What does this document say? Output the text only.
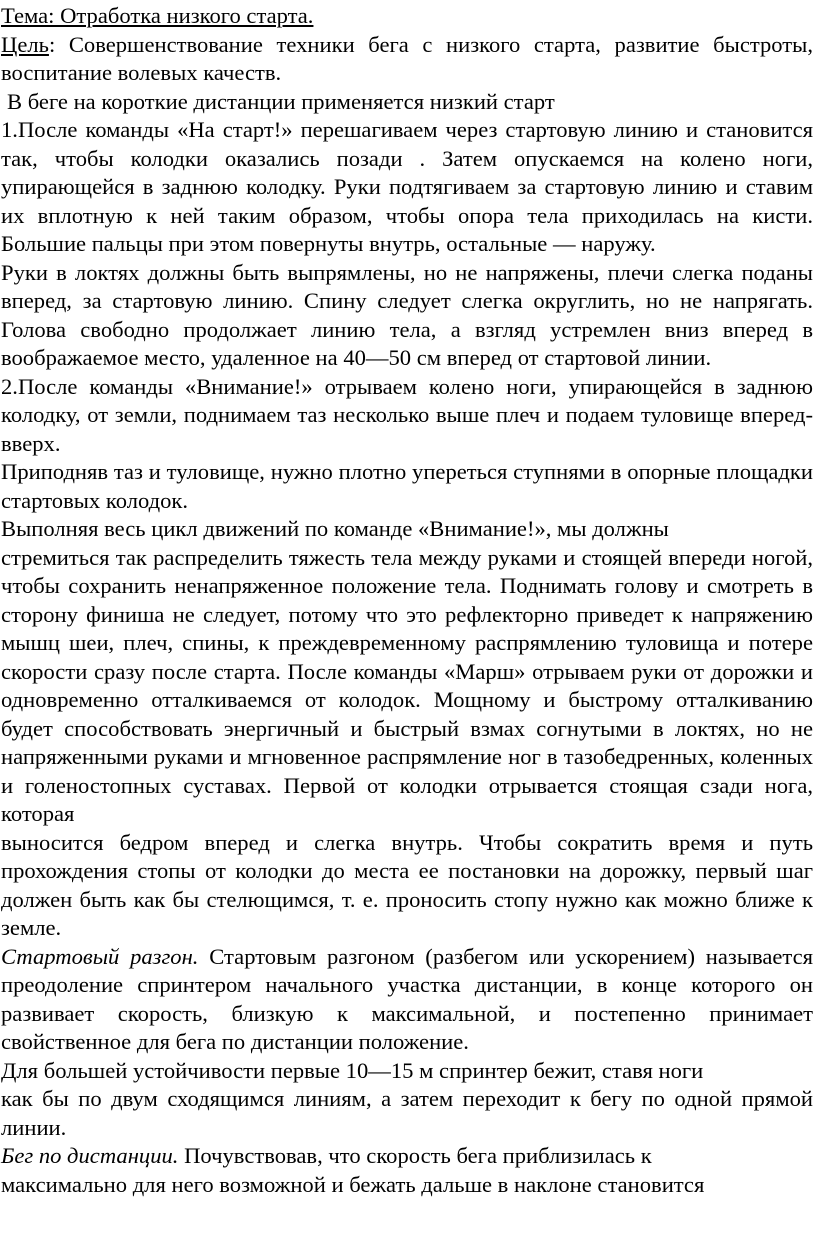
Тема: Отработка низкого старта.

Цель: Совершенствование техники бега с низкого старта, развитие быстроты, воспитание волевых качеств.

В беге на короткие дистанции применяется низкий старт

1.После команды «На старт!» перешагиваем через стартовую линию и становится так, чтобы колодки оказались позади . Затем опускаемся на колено ноги, упирающейся в заднюю колодку. Руки подтягиваем за стартовую линию и ставим их вплотную к ней таким образом, чтобы опора тела приходилась на кисти. Большие пальцы при этом повернуты внутрь, остальные — наружу.

Руки в локтях должны быть выпрямлены, но не напряжены, плечи слегка поданы вперед, за стартовую линию. Спину следует слегка округлить, но не напрягать. Голова свободно продолжает линию тела, а взгляд устремлен вниз вперед в воображаемое место, удаленное на 40—50 см вперед от стартовой линии.

2.После команды «Внимание!» отрываем колено ноги, упирающейся в заднюю колодку, от земли, поднимаем таз несколько выше плеч и подаем туловище вперед-вверх.

Приподняв таз и туловище, нужно плотно упереться ступнями в опорные площадки стартовых колодок.

Выполняя весь цикл движений по команде «Внимание!», мы должны

стремиться так распределить тяжесть тела между руками и стоящей впереди ногой, чтобы сохранить ненапряженное положение тела. Поднимать голову и смотреть в сторону финиша не следует, потому что это рефлекторно приведет к напряжению мышц шеи, плеч, спины, к преждевременному распрямлению туловища и потере скорости сразу после старта. После команды «Марш» отрываем руки от дорожки и одновременно отталкиваемся от колодок. Мощному и быстрому отталкиванию будет способствовать энергичный и быстрый взмах согнутыми в локтях, но не напряженными руками и мгновенное распрямление ног в тазобедренных, коленных и голеностопных суставах. Первой от колодки отрывается стоящая сзади нога, которая

выносится бедром вперед и слегка внутрь. Чтобы сократить время и путь прохождения стопы от колодки до места ее постановки на дорожку, первый шаг должен быть как бы стелющимся, т. е. проносить стопу нужно как можно ближе к земле.

Стартовый разгон. Стартовым разгоном (разбегом или ускорением) называется преодоление спринтером начального участка дистанции, в конце которого он развивает скорость, близкую к максимальной, и постепенно принимает свойственное для бега по дистанции положение.

Для большей устойчивости первые 10—15 м спринтер бежит, ставя ноги

как бы по двум сходящимся линиям, а затем переходит к бегу по одной прямой линии.

Бег по дистанции. Почувствовав, что скорость бега приблизилась к

максимально для него возможной и бежать дальше в наклоне становится
